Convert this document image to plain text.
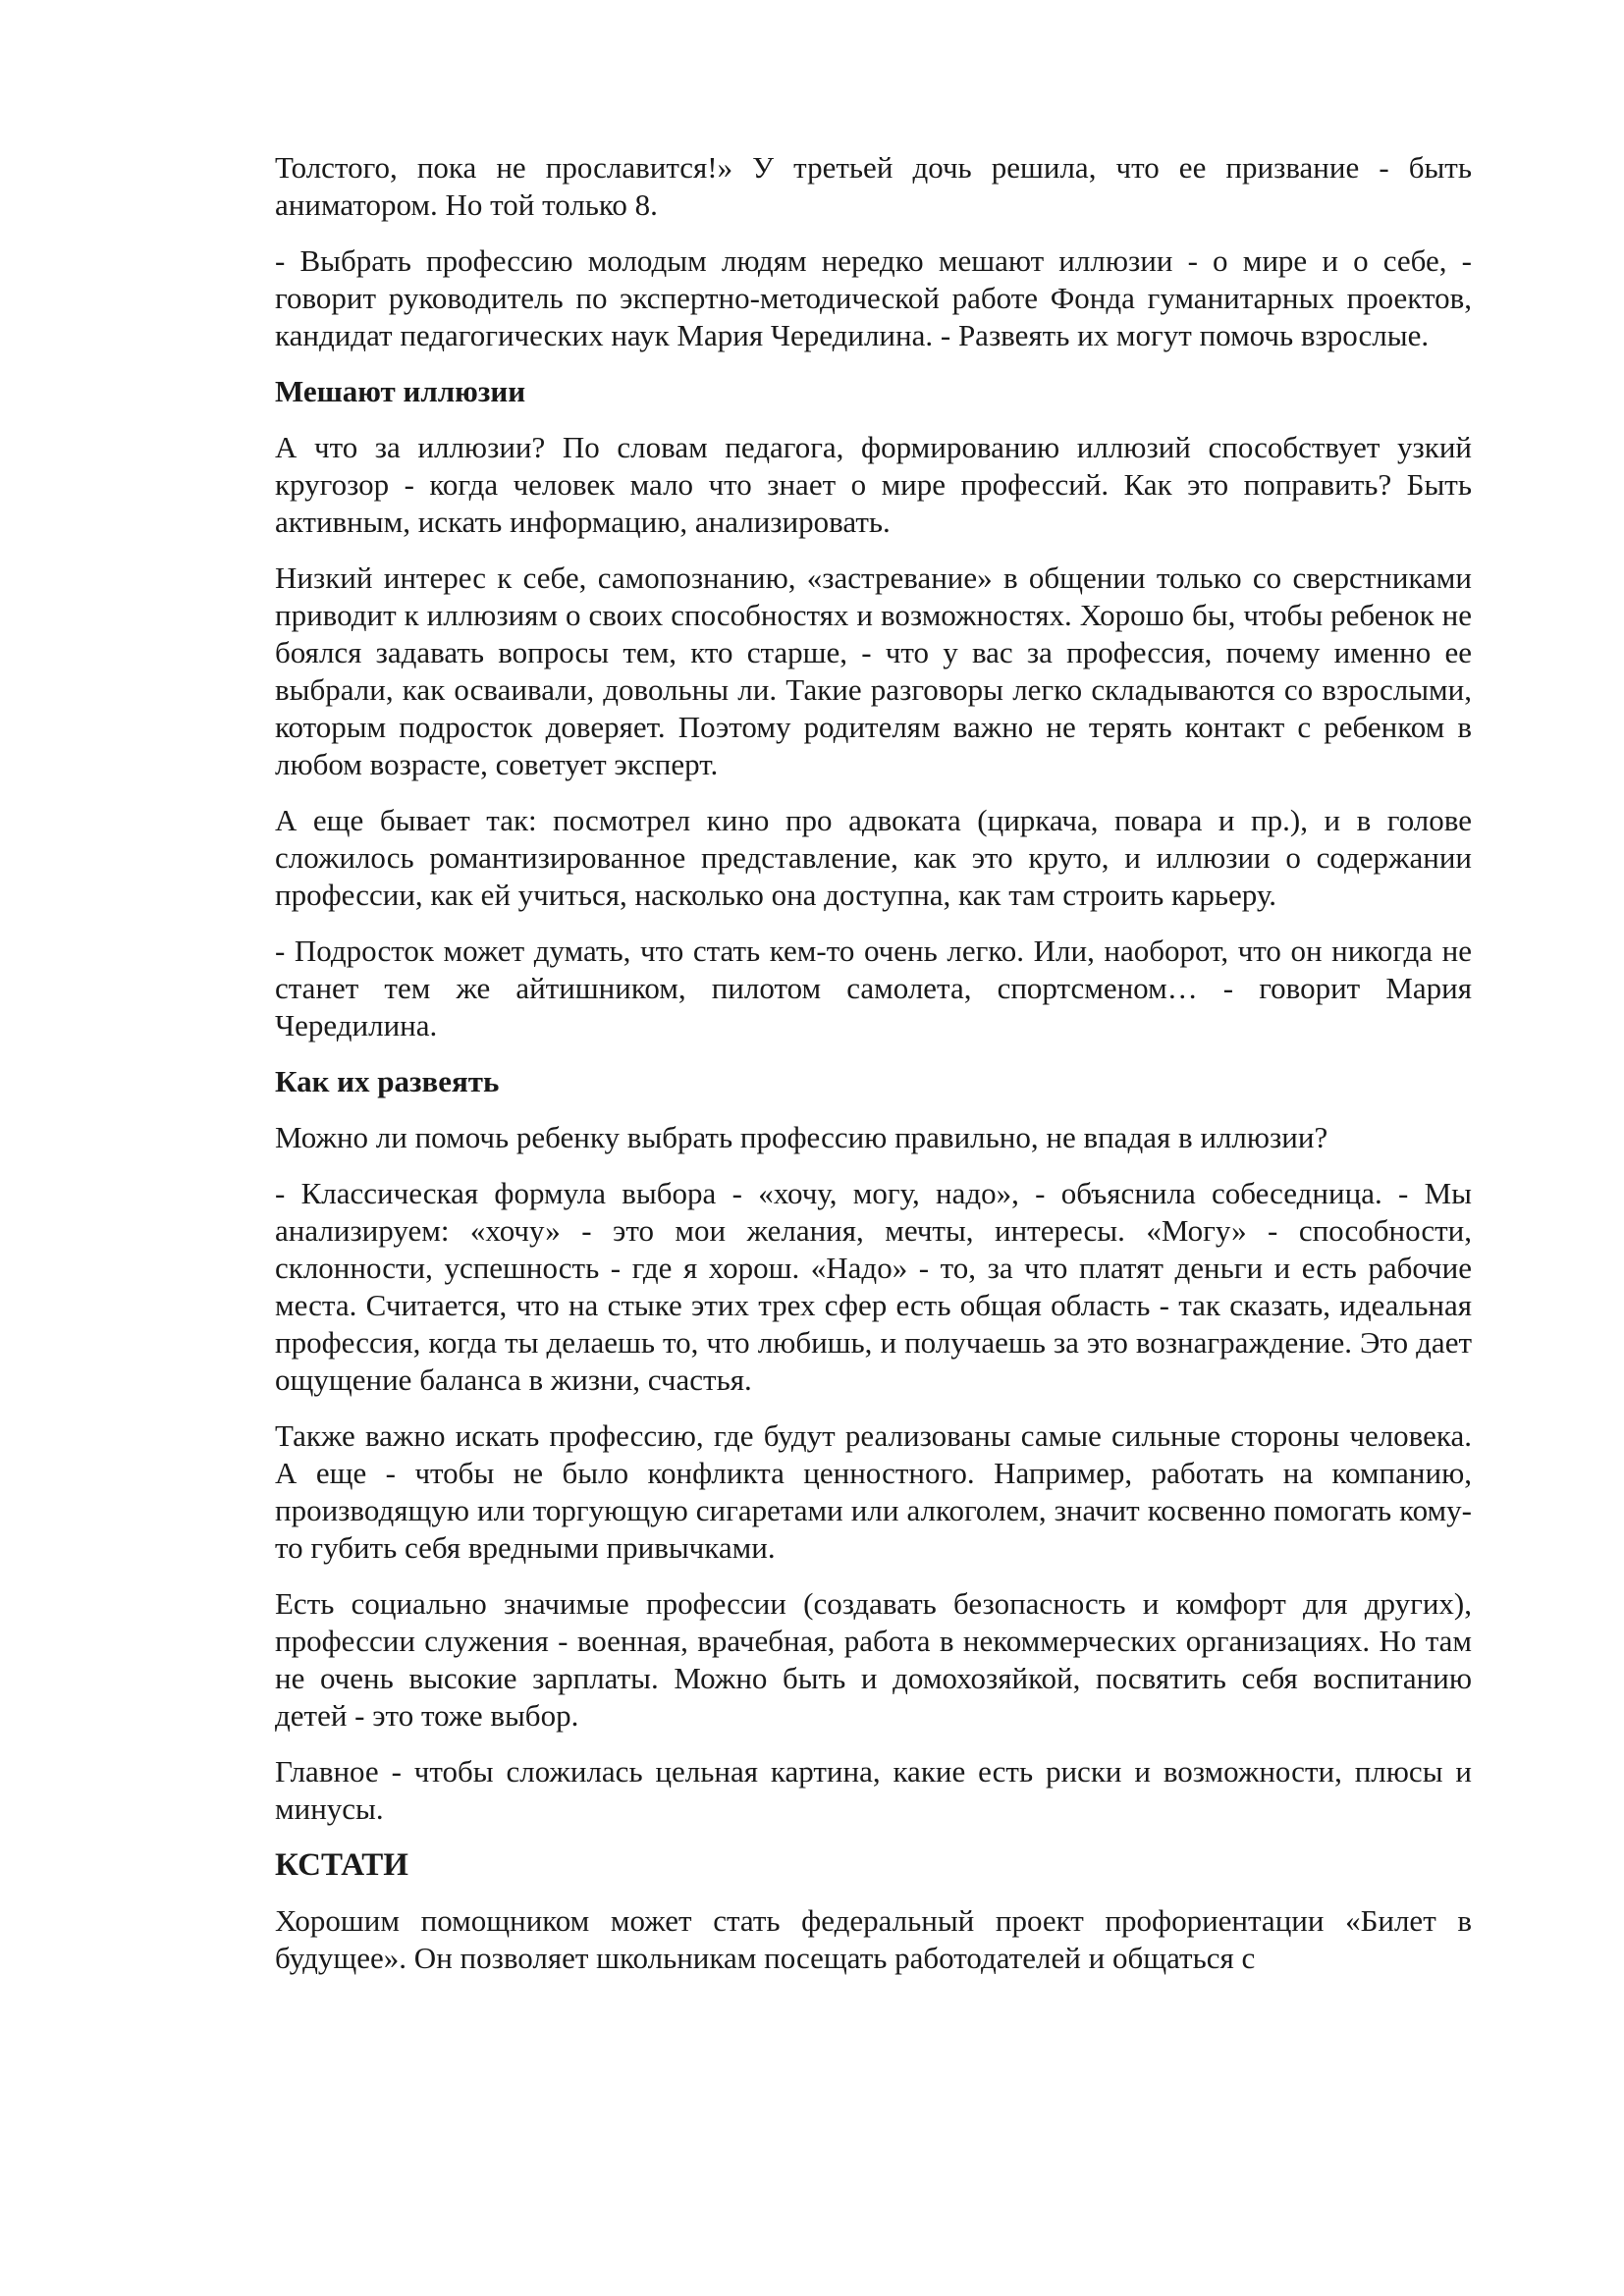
Толстого, пока не прославится!» У третьей дочь решила, что ее призвание - быть аниматором. Но той только 8.

- Выбрать профессию молодым людям нередко мешают иллюзии - о мире и о себе, - говорит руководитель по экспертно-методической работе Фонда гуманитарных проектов, кандидат педагогических наук Мария Чередилина. - Развеять их могут помочь взрослые.

Мешают иллюзии

А что за иллюзии? По словам педагога, формированию иллюзий способствует узкий кругозор - когда человек мало что знает о мире профессий. Как это поправить? Быть активным, искать информацию, анализировать.

Низкий интерес к себе, самопознанию, «застревание» в общении только со сверстниками приводит к иллюзиям о своих способностях и возможностях. Хорошо бы, чтобы ребенок не боялся задавать вопросы тем, кто старше, - что у вас за профессия, почему именно ее выбрали, как осваивали, довольны ли. Такие разговоры легко складываются со взрослыми, которым подросток доверяет. Поэтому родителям важно не терять контакт с ребенком в любом возрасте, советует эксперт.

А еще бывает так: посмотрел кино про адвоката (циркача, повара и пр.), и в голове сложилось романтизированное представление, как это круто, и иллюзии о содержании профессии, как ей учиться, насколько она доступна, как там строить карьеру.

- Подросток может думать, что стать кем-то очень легко. Или, наоборот, что он никогда не станет тем же айтишником, пилотом самолета, спортсменом… - говорит Мария Чередилина.

Как их развеять

Можно ли помочь ребенку выбрать профессию правильно, не впадая в иллюзии?

- Классическая формула выбора - «хочу, могу, надо», - объяснила собеседница. - Мы анализируем: «хочу» - это мои желания, мечты, интересы. «Могу» - способности, склонности, успешность - где я хорош. «Надо» - то, за что платят деньги и есть рабочие места. Считается, что на стыке этих трех сфер есть общая область - так сказать, идеальная профессия, когда ты делаешь то, что любишь, и получаешь за это вознаграждение. Это дает ощущение баланса в жизни, счастья.

Также важно искать профессию, где будут реализованы самые сильные стороны человека. А еще - чтобы не было конфликта ценностного. Например, работать на компанию, производящую или торгующую сигаретами или алкоголем, значит косвенно помогать кому-то губить себя вредными привычками.

Есть социально значимые профессии (создавать безопасность и комфорт для других), профессии служения - военная, врачебная, работа в некоммерческих организациях. Но там не очень высокие зарплаты. Можно быть и домохозяйкой, посвятить себя воспитанию детей - это тоже выбор.

Главное - чтобы сложилась цельная картина, какие есть риски и возможности, плюсы и минусы.

КСТАТИ

Хорошим помощником может стать федеральный проект профориентации «Билет в будущее». Он позволяет школьникам посещать работодателей и общаться с
